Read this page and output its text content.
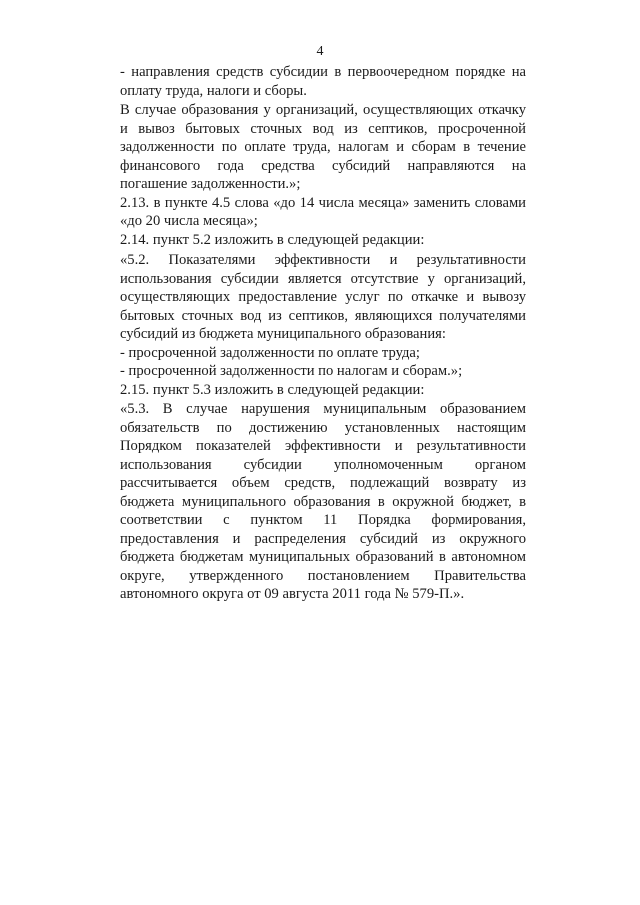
4

- направления средств субсидии в первоочередном порядке на оплату труда, налоги и сборы.

В случае образования у организаций, осуществляющих откачку и вывоз бытовых сточных вод из септиков, просроченной задолженности по оплате труда, налогам и сборам в течение финансового года средства субсидий направляются на погашение задолженности.»;

2.13. в пункте 4.5 слова «до 14 числа месяца» заменить словами «до 20 числа месяца»;

2.14. пункт 5.2 изложить в следующей редакции:

«5.2. Показателями эффективности и результативности использования субсидии является отсутствие у организаций, осуществляющих предоставление услуг по откачке и вывозу бытовых сточных вод из септиков, являющихся получателями субсидий из бюджета муниципального образования:

- просроченной задолженности по оплате труда;

- просроченной задолженности по налогам и сборам.»;

2.15. пункт 5.3 изложить в следующей редакции:

«5.3. В случае нарушения муниципальным образованием обязательств по достижению установленных настоящим Порядком показателей эффективности и результативности использования субсидии уполномоченным органом рассчитывается объем средств, подлежащий возврату из бюджета муниципального образования в окружной бюджет, в соответствии с пунктом 11 Порядка формирования, предоставления и распределения субсидий из окружного бюджета бюджетам муниципальных образований в автономном округе, утвержденного постановлением Правительства автономного округа от 09 августа 2011 года № 579-П.».
